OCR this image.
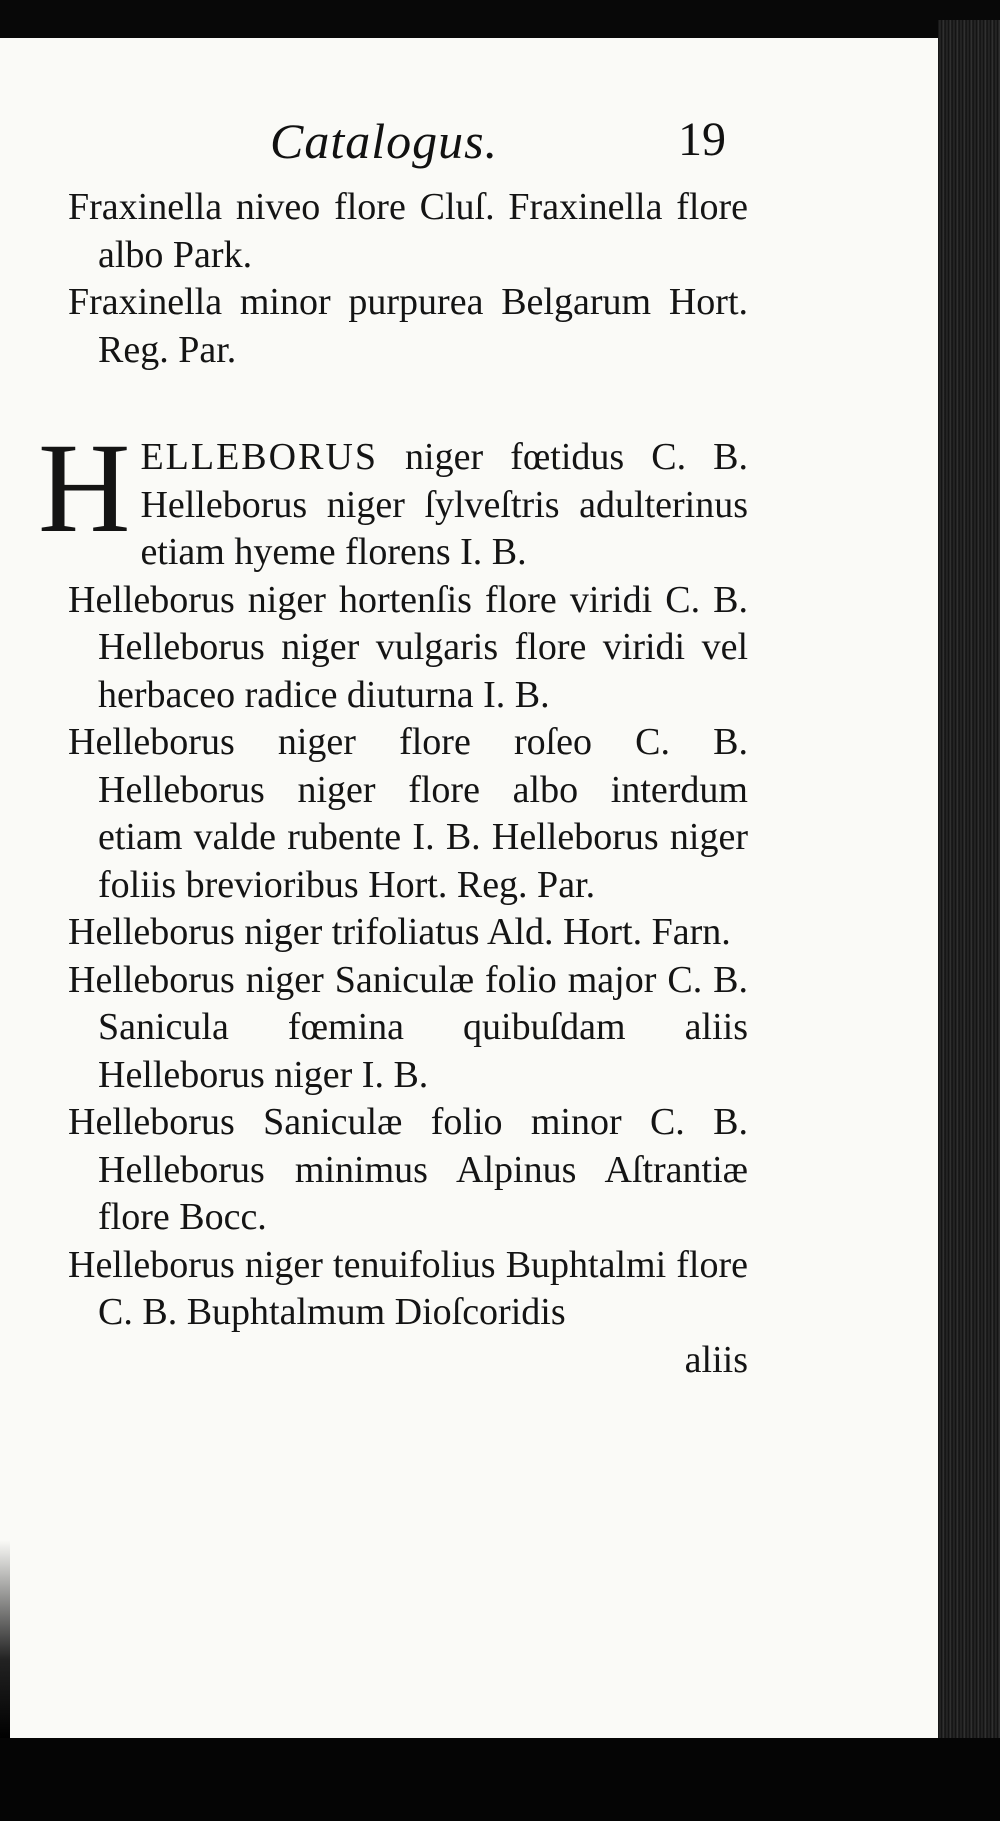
Catalogus.	19

Fraxinella niveo flore Cluſ. Fraxinella flore albo Park.

Fraxinella minor purpurea Belgarum Hort. Reg. Par.

HELLEBORUS niger fœtidus C. B. Helleborus niger ſylveſtris adulterinus etiam hyeme florens I. B.

Helleborus niger hortenſis flore viridi C. B. Helleborus niger vulgaris flore viridi vel herbaceo radice diuturna I. B.

Helleborus niger flore roſeo C. B. Helleborus niger flore albo interdum etiam valde rubente I. B. Helleborus niger foliis brevioribus Hort. Reg. Par.

Helleborus niger trifoliatus Ald. Hort. Farn.

Helleborus niger Saniculæ folio major C. B. Sanicula fœmina quibuſdam aliis Helleborus niger I. B.

Helleborus Saniculæ folio minor C. B. Helleborus minimus Alpinus Aſtrantiæ flore Bocc.

Helleborus niger tenuifolius Buphtalmi flore C. B. Buphtalmum Dioſcoridis

aliis
